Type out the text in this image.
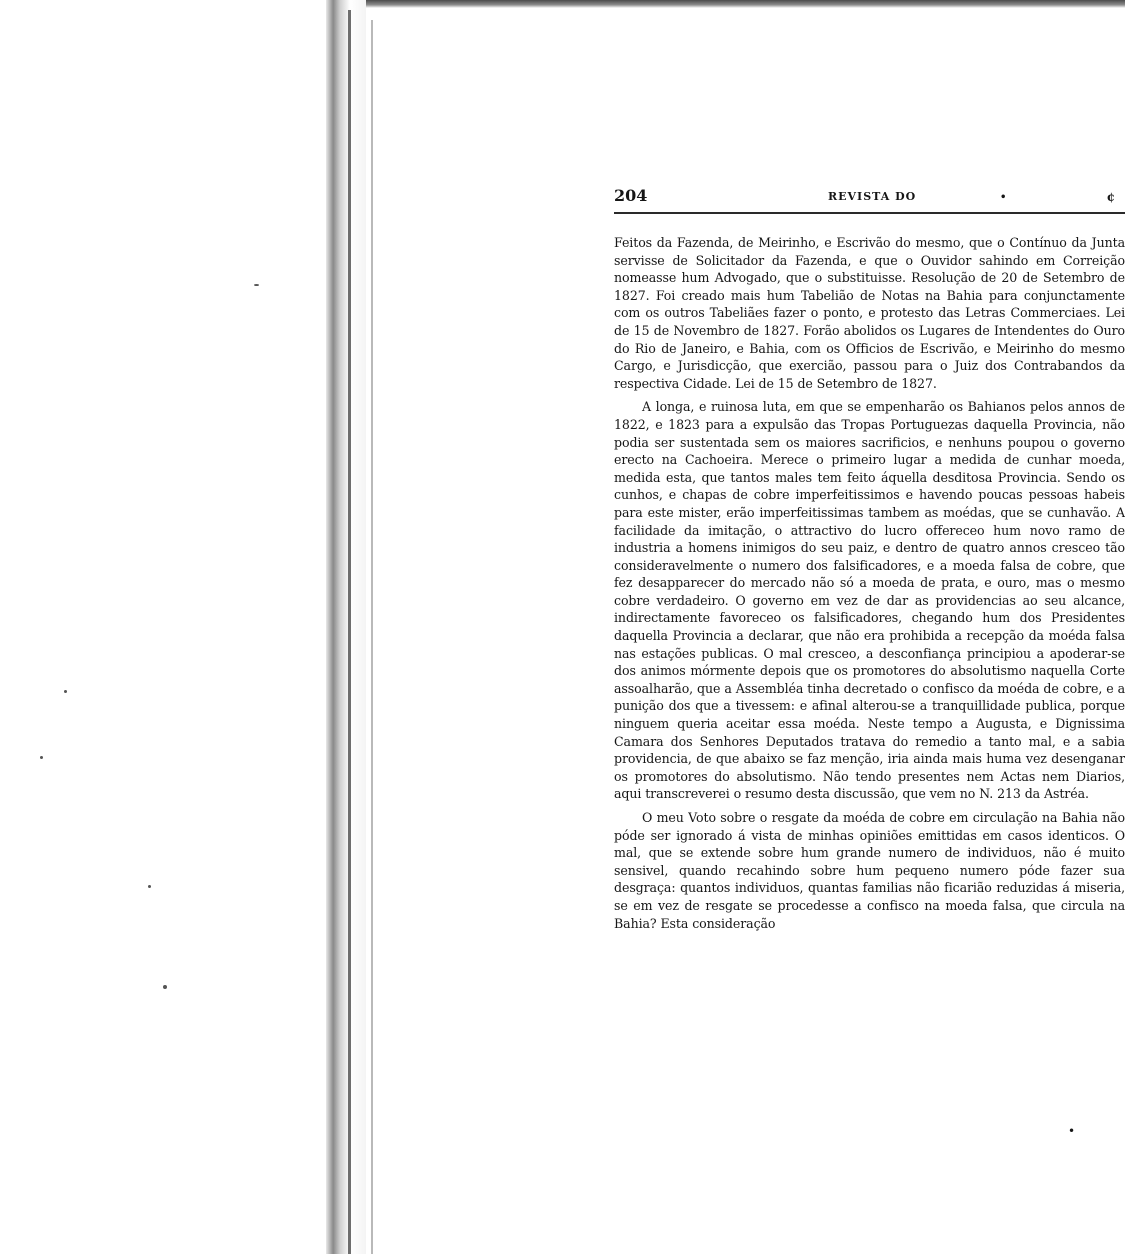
204	REVISTA DO	•	¢

Feitos da Fazenda, de Meirinho, e Escrivão do mesmo, que o Contínuo da Junta servisse de Solicitador da Fazenda, e que o Ouvidor sahindo em Correição nomeasse hum Advogado, que o substituisse. Resolução de 20 de Setembro de 1827. Foi creado mais hum Tabelião de Notas na Bahia para conjunctamente com os outros Tabeliães fazer o ponto, e protesto das Letras Commerciaes. Lei de 15 de Novembro de 1827. Forão abolidos os Lugares de Intendentes do Ouro do Rio de Janeiro, e Bahia, com os Officios de Escrivão, e Meirinho do mesmo Cargo, e Jurisdicção, que exercião, passou para o Juiz dos Contrabandos da respectiva Cidade. Lei de 15 de Setembro de 1827.

A longa, e ruinosa luta, em que se empenharão os Bahianos pelos annos de 1822, e 1823 para a expulsão das Tropas Portuguezas daquella Provincia, não podia ser sustentada sem os maiores sacrificios, e nenhuns poupou o governo erecto na Cachoeira. Merece o primeiro lugar a medida de cunhar moeda, medida esta, que tantos males tem feito áquella desditosa Provincia. Sendo os cunhos, e chapas de cobre imperfeitissimos e havendo poucas pessoas habeis para este mister, erão imperfeitissimas tambem as moédas, que se cunhavão. A facilidade da imitação, o attractivo do lucro offereceo hum novo ramo de industria a homens inimigos do seu paiz, e dentro de quatro annos cresceo tão consideravelmente o numero dos falsificadores, e a moeda falsa de cobre, que fez desapparecer do mercado não só a moeda de prata, e ouro, mas o mesmo cobre verdadeiro. O governo em vez de dar as providencias ao seu alcance, indirectamente favoreceo os falsificadores, chegando hum dos Presidentes daquella Provincia a declarar, que não era prohibida a recepção da moéda falsa nas estações publicas. O mal cresceo, a desconfiança principiou a apoderar-se dos animos mórmente depois que os promotores do absolutismo naquella Corte assoalharão, que a Assembléa tinha decretado o confisco da moéda de cobre, e a punição dos que a tivessem: e afinal alterou-se a tranquillidade publica, porque ninguem queria aceitar essa moéda. Neste tempo a Augusta, e Dignissima Camara dos Senhores Deputados tratava do remedio a tanto mal, e a sabia providencia, de que abaixo se faz menção, iria ainda mais huma vez desenganar os promotores do absolutismo. Não tendo presentes nem Actas nem Diarios, aqui transcreverei o resumo desta discussão, que vem no N. 213 da Astréa.

O meu Voto sobre o resgate da moéda de cobre em circulação na Bahia não póde ser ignorado á vista de minhas opiniões emittidas em casos identicos. O mal, que se extende sobre hum grande numero de individuos, não é muito sensivel, quando recahindo sobre hum pequeno numero póde fazer sua desgraça: quantos individuos, quantas familias não ficarião reduzidas á miseria, se em vez de resgate se procedesse a confisco na moeda falsa, que circula na Bahia? Esta consideração

•
